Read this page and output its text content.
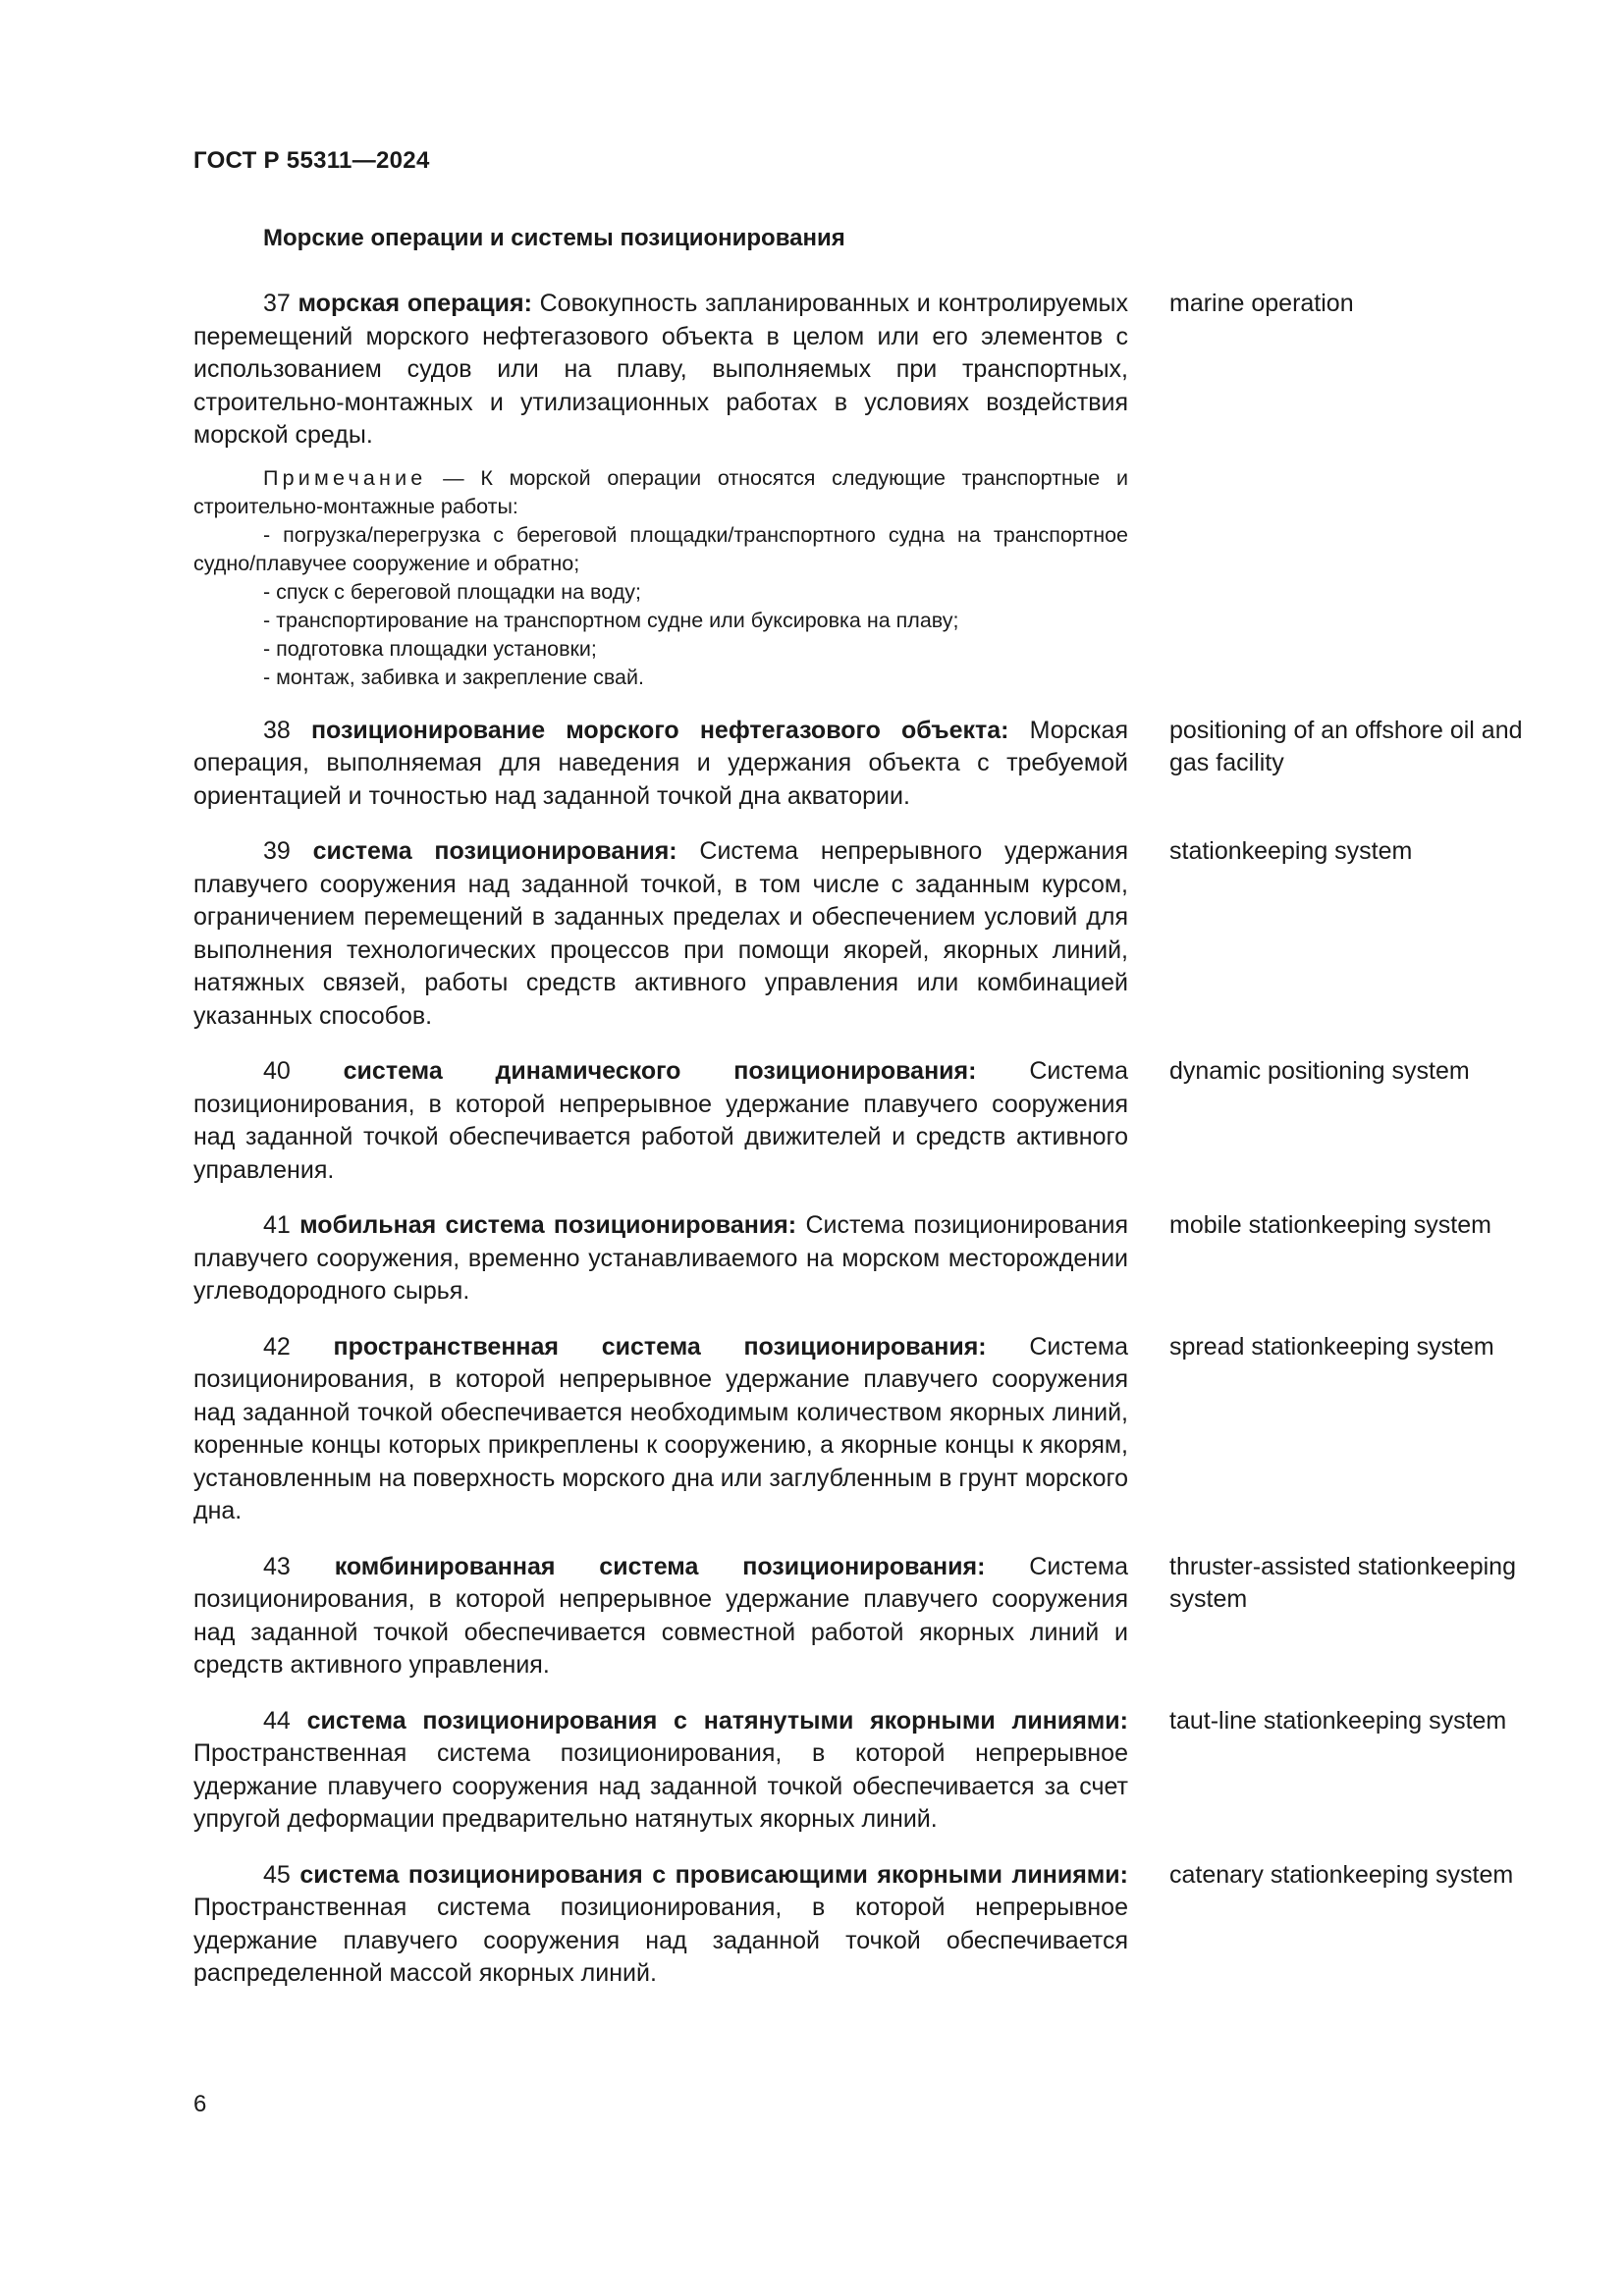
ГОСТ Р 55311—2024
Морские операции и системы позиционирования
37 морская операция: Совокупность запланированных и контролируемых перемещений морского нефтегазового объекта в целом или его элементов с использованием судов или на плаву, выполняемых при транспортных, строительно-монтажных и утилизационных работах в условиях воздействия морской среды.
marine operation
Примечание — К морской операции относятся следующие транспортные и строительно-монтажные работы:
- погрузка/перегрузка с береговой площадки/транспортного судна на транспортное судно/плавучее сооружение и обратно;
- спуск с береговой площадки на воду;
- транспортирование на транспортном судне или буксировка на плаву;
- подготовка площадки установки;
- монтаж, забивка и закрепление свай.
38 позиционирование морского нефтегазового объекта: Морская операция, выполняемая для наведения и удержания объекта с требуемой ориентацией и точностью над заданной точкой дна акватории.
positioning of an offshore oil and gas facility
39 система позиционирования: Система непрерывного удержания плавучего сооружения над заданной точкой, в том числе с заданным курсом, ограничением перемещений в заданных пределах и обеспечением условий для выполнения технологических процессов при помощи якорей, якорных линий, натяжных связей, работы средств активного управления или комбинацией указанных способов.
stationkeeping system
40 система динамического позиционирования: Система позиционирования, в которой непрерывное удержание плавучего сооружения над заданной точкой обеспечивается работой движителей и средств активного управления.
dynamic positioning system
41 мобильная система позиционирования: Система позиционирования плавучего сооружения, временно устанавливаемого на морском месторождении углеводородного сырья.
mobile stationkeeping system
42 пространственная система позиционирования: Система позиционирования, в которой непрерывное удержание плавучего сооружения над заданной точкой обеспечивается необходимым количеством якорных линий, коренные концы которых прикреплены к сооружению, а якорные концы к якорям, установленным на поверхность морского дна или заглубленным в грунт морского дна.
spread stationkeeping system
43 комбинированная система позиционирования: Система позиционирования, в которой непрерывное удержание плавучего сооружения над заданной точкой обеспечивается совместной работой якорных линий и средств активного управления.
thruster-assisted stationkeeping system
44 система позиционирования с натянутыми якорными линиями: Пространственная система позиционирования, в которой непрерывное удержание плавучего сооружения над заданной точкой обеспечивается за счет упругой деформации предварительно натянутых якорных линий.
taut-line stationkeeping system
45 система позиционирования с провисающими якорными линиями: Пространственная система позиционирования, в которой непрерывное удержание плавучего сооружения над заданной точкой обеспечивается распределенной массой якорных линий.
catenary stationkeeping system
6
